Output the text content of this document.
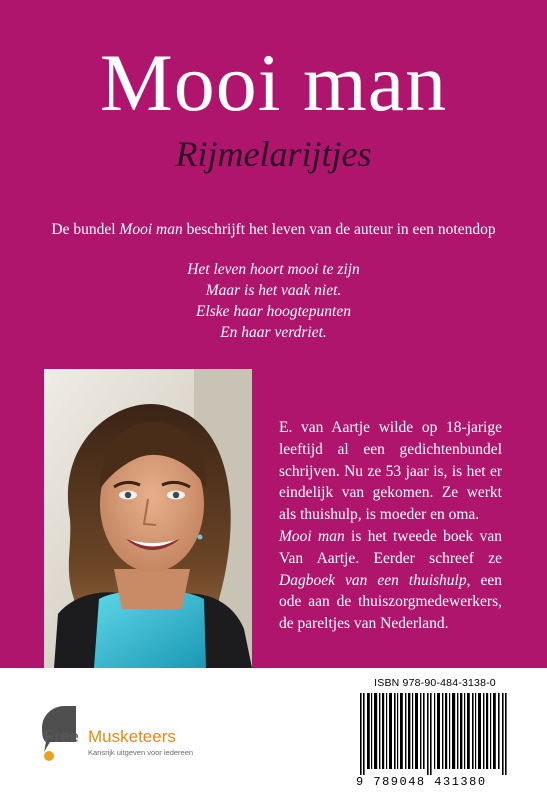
Mooi man
Rijmelarijtjes
De bundel Mooi man beschrijft het leven van de auteur in een notendop
Het leven hoort mooi te zijn
Maar is het vaak niet.
Elske haar hoogtepunten
En haar verdriet.

E. van Aartje wilde op 18-jarige leeftijd al een gedichtenbundel schrijven. Nu ze 53 jaar is, is het er eindelijk van gekomen. Ze werkt als thuishulp, is moeder en oma.

Mooi man is het tweede boek van Van Aartje. Eerder schreef ze Dagboek van een thuishulp, een ode aan de thuiszorgmedewerkers, de pareltjes van Nederland.

Free Musketeers
Kansrijk uitgeven voor iedereen
ISBN 978-90-484-3138-0
9 789048 431380
